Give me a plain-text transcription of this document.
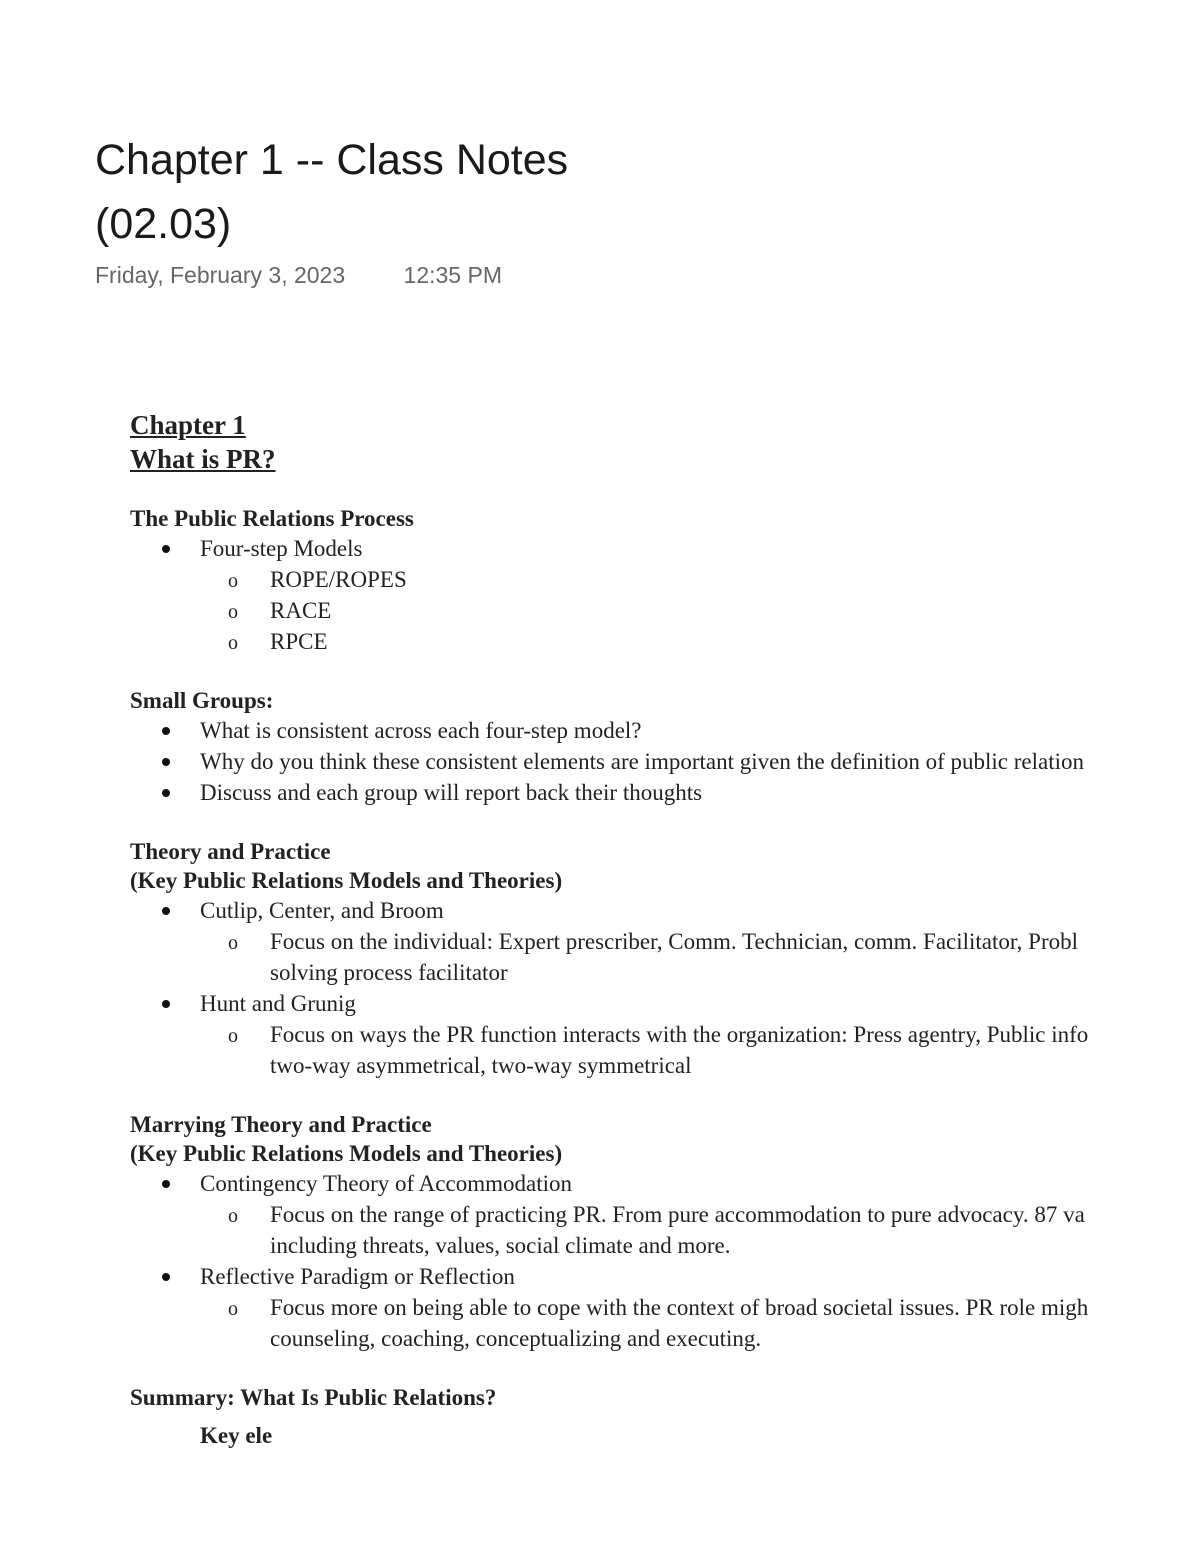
Chapter 1 -- Class Notes
(02.03)
Friday, February 3, 2023	12:35 PM
Chapter 1
What is PR?
The Public Relations Process
Four-step Models
o ROPE/ROPES
o RACE
o RPCE
Small Groups:
What is consistent across each four-step model?
Why do you think these consistent elements are important given the definition of public relation
Discuss and each group will report back their thoughts
Theory and Practice
(Key Public Relations Models and Theories)
Cutlip, Center, and Broom
o Focus on the individual: Expert prescriber, Comm. Technician, comm. Facilitator, Probl
solving process facilitator
Hunt and Grunig
o Focus on ways the PR function interacts with the organization: Press agentry, Public info
two-way asymmetrical, two-way symmetrical
Marrying Theory and Practice
(Key Public Relations Models and Theories)
Contingency Theory of Accommodation
o Focus on the range of practicing PR. From pure accommodation to pure advocacy. 87 va
including threats, values, social climate and more.
Reflective Paradigm or Reflection
o Focus more on being able to cope with the context of broad societal issues. PR role migh
counseling, coaching, conceptualizing and executing.
Summary: What Is Public Relations?
Key ele
